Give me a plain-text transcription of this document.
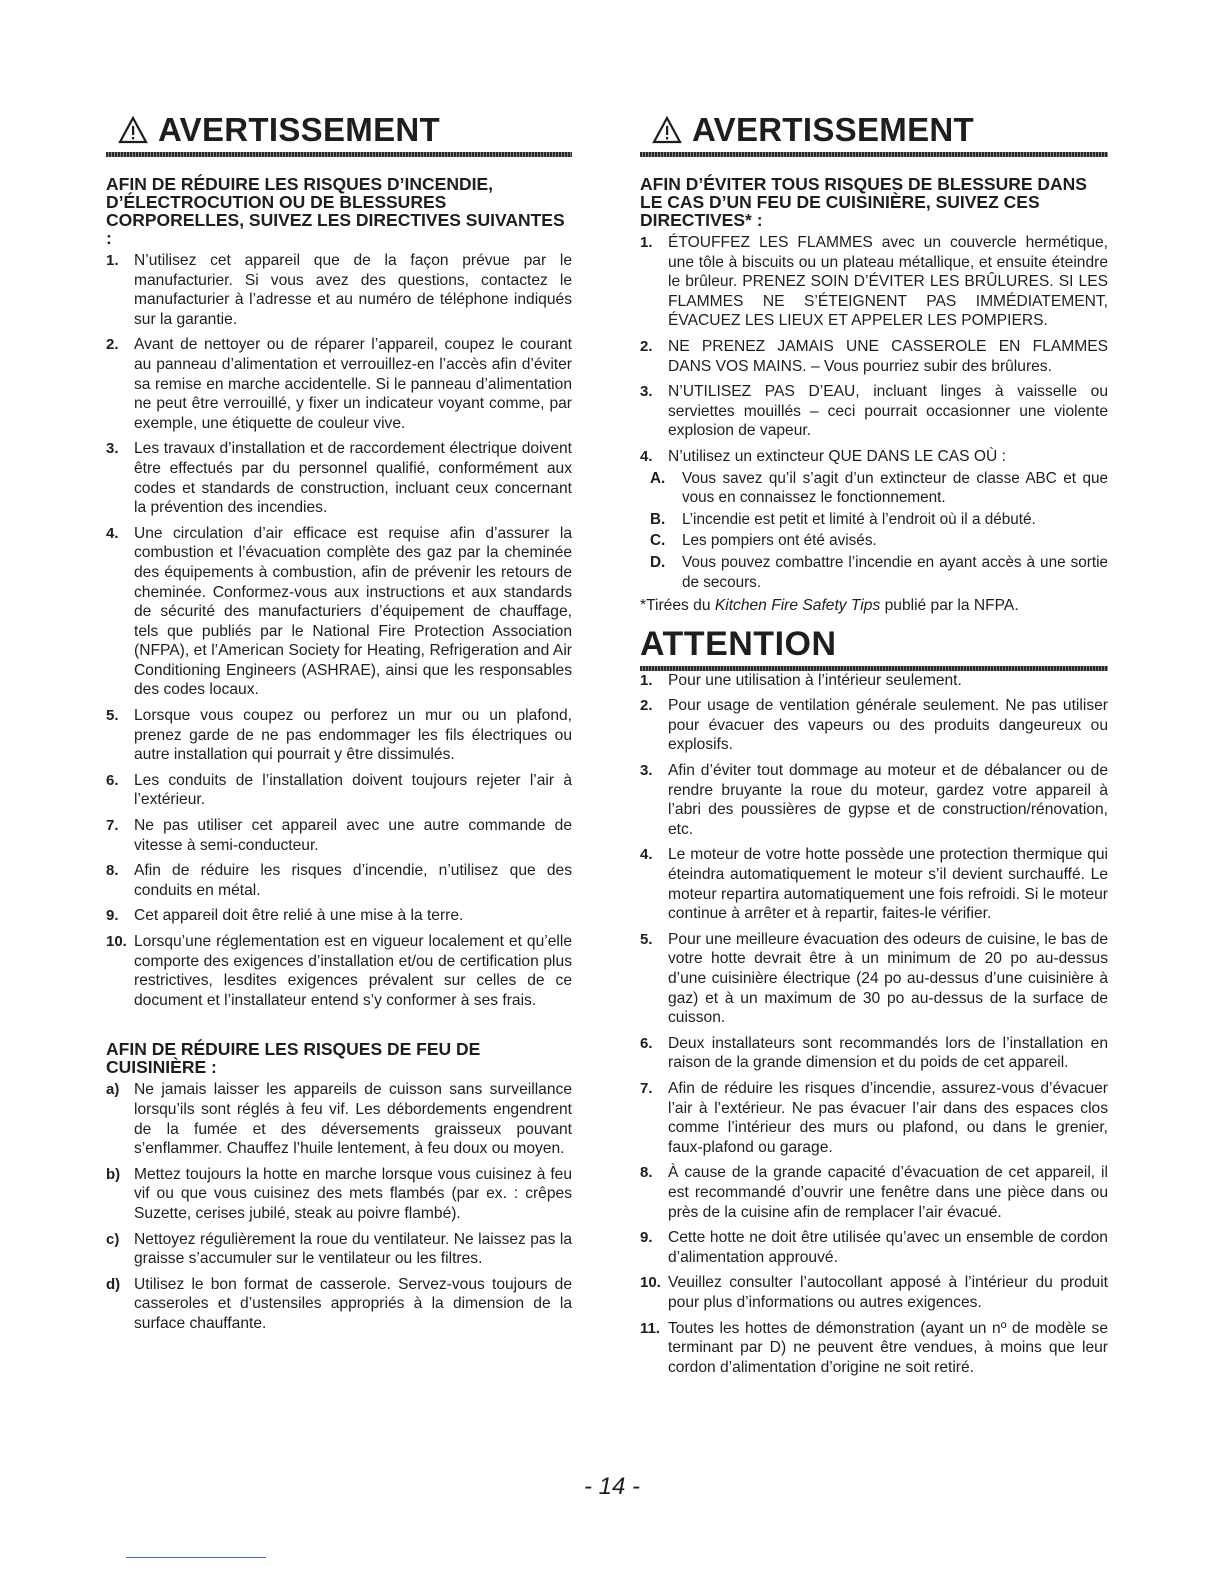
AVERTISSEMENT
AFIN DE RÉDUIRE LES RISQUES D’INCENDIE, D’ÉLECTROCUTION OU DE BLESSURES CORPORELLES, SUIVEZ LES DIRECTIVES SUIVANTES :
1. N’utilisez cet appareil que de la façon prévue par le manufacturier. Si vous avez des questions, contactez le manufacturier à l’adresse et au numéro de téléphone indiqués sur la garantie.
2. Avant de nettoyer ou de réparer l’appareil, coupez le courant au panneau d’alimentation et verrouillez-en l’accès afin d’éviter sa remise en marche accidentelle. Si le panneau d’alimentation ne peut être verrouillé, y fixer un indicateur voyant comme, par exemple, une étiquette de couleur vive.
3. Les travaux d’installation et de raccordement électrique doivent être effectués par du personnel qualifié, conformément aux codes et standards de construction, incluant ceux concernant la prévention des incendies.
4. Une circulation d’air efficace est requise afin d’assurer la combustion et l’évacuation complète des gaz par la cheminée des équipements à combustion, afin de prévenir les retours de cheminée. Conformez-vous aux instructions et aux standards de sécurité des manufacturiers d’équipement de chauffage, tels que publiés par le National Fire Protection Association (NFPA), et l’American Society for Heating, Refrigeration and Air Conditioning Engineers (ASHRAE), ainsi que les responsables des codes locaux.
5. Lorsque vous coupez ou perforez un mur ou un plafond, prenez garde de ne pas endommager les fils électriques ou autre installation qui pourrait y être dissimulés.
6. Les conduits de l’installation doivent toujours rejeter l’air à l’extérieur.
7. Ne pas utiliser cet appareil avec une autre commande de vitesse à semi-conducteur.
8. Afin de réduire les risques d’incendie, n’utilisez que des conduits en métal.
9. Cet appareil doit être relié à une mise à la terre.
10. Lorsqu’une réglementation est en vigueur localement et qu’elle comporte des exigences d’installation et/ou de certification plus restrictives, lesdites exigences prévalent sur celles de ce document et l’installateur entend s’y conformer à ses frais.
AFIN DE RÉDUIRE LES RISQUES DE FEU DE CUISINIÈRE :
a) Ne jamais laisser les appareils de cuisson sans surveillance lorsqu’ils sont réglés à feu vif. Les débordements engendrent de la fumée et des déversements graisseux pouvant s’enflammer. Chauffez l’huile lentement, à feu doux ou moyen.
b) Mettez toujours la hotte en marche lorsque vous cuisinez à feu vif ou que vous cuisinez des mets flambés (par ex. : crêpes Suzette, cerises jubilé, steak au poivre flambé).
c) Nettoyez régulièrement la roue du ventilateur. Ne laissez pas la graisse s’accumuler sur le ventilateur ou les filtres.
d) Utilisez le bon format de casserole. Servez-vous toujours de casseroles et d’ustensiles appropriés à la dimension de la surface chauffante.
AVERTISSEMENT
AFIN D’ÉVITER TOUS RISQUES DE BLESSURE DANS LE CAS D’UN FEU DE CUISINIÈRE, SUIVEZ CES DIRECTIVES* :
1. ÉTOUFFEZ LES FLAMMES avec un couvercle hermétique, une tôle à biscuits ou un plateau métallique, et ensuite éteindre le brûleur. PRENEZ SOIN D’ÉVITER LES BRÛLURES. SI LES FLAMMES NE S’ÉTEIGNENT PAS IMMÉDIATEMENT, ÉVACUEZ LES LIEUX ET APPELER LES POMPIERS.
2. NE PRENEZ JAMAIS UNE CASSEROLE EN FLAMMES DANS VOS MAINS. – Vous pourriez subir des brûlures.
3. N’UTILISEZ PAS D’EAU, incluant linges à vaisselle ou serviettes mouillés – ceci pourrait occasionner une violente explosion de vapeur.
4. N’utilisez un extincteur QUE DANS LE CAS OÙ :
A. Vous savez qu’il s’agit d’un extincteur de classe ABC et que vous en connaissez le fonctionnement.
B. L’incendie est petit et limité à l’endroit où il a débuté.
C. Les pompiers ont été avisés.
D. Vous pouvez combattre l’incendie en ayant accès à une sortie de secours.

*Tirées du Kitchen Fire Safety Tips publié par la NFPA.

ATTENTION
1. Pour une utilisation à l’intérieur seulement.
2. Pour usage de ventilation générale seulement. Ne pas utiliser pour évacuer des vapeurs ou des produits dangeureux ou explosifs.
3. Afin d’éviter tout dommage au moteur et de débalancer ou de rendre bruyante la roue du moteur, gardez votre appareil à l’abri des poussières de gypse et de construction/rénovation, etc.
4. Le moteur de votre hotte possède une protection thermique qui éteindra automatiquement le moteur s’il devient surchauffé. Le moteur repartira automatiquement une fois refroidi. Si le moteur continue à arrêter et à repartir, faites-le vérifier.
5. Pour une meilleure évacuation des odeurs de cuisine, le bas de votre hotte devrait être à un minimum de 20 po au-dessus d’une cuisinière électrique (24 po au-dessus d’une cuisinière à gaz) et à un maximum de 30 po au-dessus de la surface de cuisson.
6. Deux installateurs sont recommandés lors de l’installation en raison de la grande dimension et du poids de cet appareil.
7. Afin de réduire les risques d’incendie, assurez-vous d’évacuer l’air à l’extérieur. Ne pas évacuer l’air dans des espaces clos comme l’intérieur des murs ou plafond, ou dans le grenier, faux-plafond ou garage.
8. À cause de la grande capacité d’évacuation de cet appareil, il est recommandé d’ouvrir une fenêtre dans une pièce dans ou près de la cuisine afin de remplacer l’air évacué.
9. Cette hotte ne doit être utilisée qu’avec un ensemble de cordon d’alimentation approuvé.
10. Veuillez consulter l’autocollant apposé à l’intérieur du produit pour plus d’informations ou autres exigences.
11. Toutes les hottes de démonstration (ayant un nº de modèle se terminant par D) ne peuvent être vendues, à moins que leur cordon d’alimentation d’origine ne soit retiré.
- 14 -
